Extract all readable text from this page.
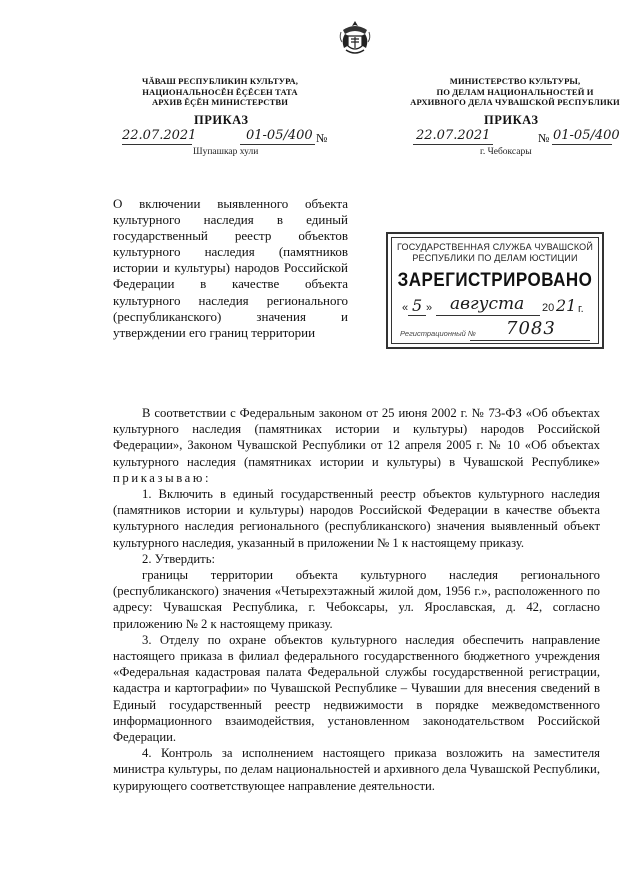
ЧĂВАШ РЕСПУБЛИКИН КУЛЬТУРА,
НАЦИОНАЛЬНОСĔН ĔÇĔСЕН ТАТА
АРХИВ ĔÇĔН МИНИСТЕРСТВИ
МИНИСТЕРСТВО КУЛЬТУРЫ,
ПО ДЕЛАМ НАЦИОНАЛЬНОСТЕЙ И
АРХИВНОГО ДЕЛА ЧУВАШСКОЙ РЕСПУБЛИКИ
ПРИКАЗ	ПРИКАЗ
22.07.2021	01-05/400 №
Шупашкар хули
22.07.2021	№ 01-05/400
г. Чебоксары
О включении выявленного объекта культурного наследия в единый государственный реестр объектов культурного наследия (памятников истории и культуры) народов Российской Федерации в качестве объекта культурного наследия регионального (республиканского) значения и утверждении его границ территории
ГОСУДАРСТВЕННАЯ СЛУЖБА ЧУВАШСКОЙ
РЕСПУБЛИКИ ПО ДЕЛАМ ЮСТИЦИИ
ЗАРЕГИСТРИРОВАНО
« 5 » августа 20 21 г.
Регистрационный № 7083

В соответствии с Федеральным законом от 25 июня 2002 г. № 73-ФЗ «Об объектах культурного наследия (памятниках истории и культуры) народов Российской Федерации», Законом Чувашской Республики от 12 апреля 2005 г. № 10 «Об объектах культурного наследия (памятниках истории и культуры) в Чувашской Республике» приказываю:

1. Включить в единый государственный реестр объектов культурного наследия (памятников истории и культуры) народов Российской Федерации в качестве объекта культурного наследия регионального (республиканского) значения выявленный объект культурного наследия, указанный в приложении № 1 к настоящему приказу.

2. Утвердить:

границы территории объекта культурного наследия регионального (республиканского) значения «Четырехэтажный жилой дом, 1956 г.», расположенного по адресу: Чувашская Республика, г. Чебоксары, ул. Ярославская, д. 42, согласно приложению № 2 к настоящему приказу.

3. Отделу по охране объектов культурного наследия обеспечить направление настоящего приказа в филиал федерального государственного бюджетного учреждения «Федеральная кадастровая палата Федеральной службы государственной регистрации, кадастра и картографии» по Чувашской Республике – Чувашии для внесения сведений в Единый государственный реестр недвижимости в порядке межведомственного информационного взаимодействия, установленном законодательством Российской Федерации.

4. Контроль за исполнением настоящего приказа возложить на заместителя министра культуры, по делам национальностей и архивного дела Чувашской Республики, курирующего соответствующее направление деятельности.
